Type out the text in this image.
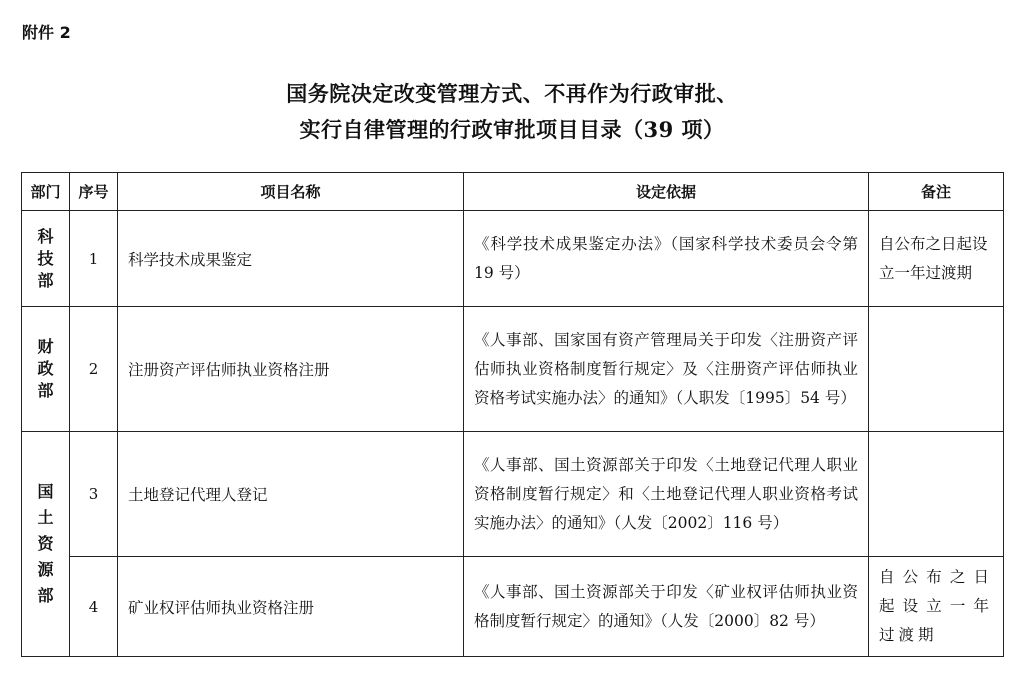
附件 2
国务院决定改变管理方式、不再作为行政审批、
实行自律管理的行政审批项目目录（39 项）
部门	序号	项目名称	设定依据	备注

科
技
部	1	科学技术成果鉴定	《科学技术成果鉴定办法》（国家科学技术委员会令第 19 号）	自公布之日起设立一年过渡期

财
政
部	2	注册资产评估师执业资格注册	《人事部、国家国有资产管理局关于印发〈注册资产评估师执业资格制度暂行规定〉及〈注册资产评估师执业资格考试实施办法〉的通知》（人职发〔1995〕54 号）	

国
土
资
源
部	3	土地登记代理人登记	《人事部、国土资源部关于印发〈土地登记代理人职业资格制度暂行规定〉和〈土地登记代理人职业资格考试实施办法〉的通知》（人发〔2002〕116 号）	
	4	矿业权评估师执业资格注册	《人事部、国土资源部关于印发〈矿业权评估师执业资格制度暂行规定〉的通知》（人发〔2000〕82 号）	自公布之日起设立一年过渡期
